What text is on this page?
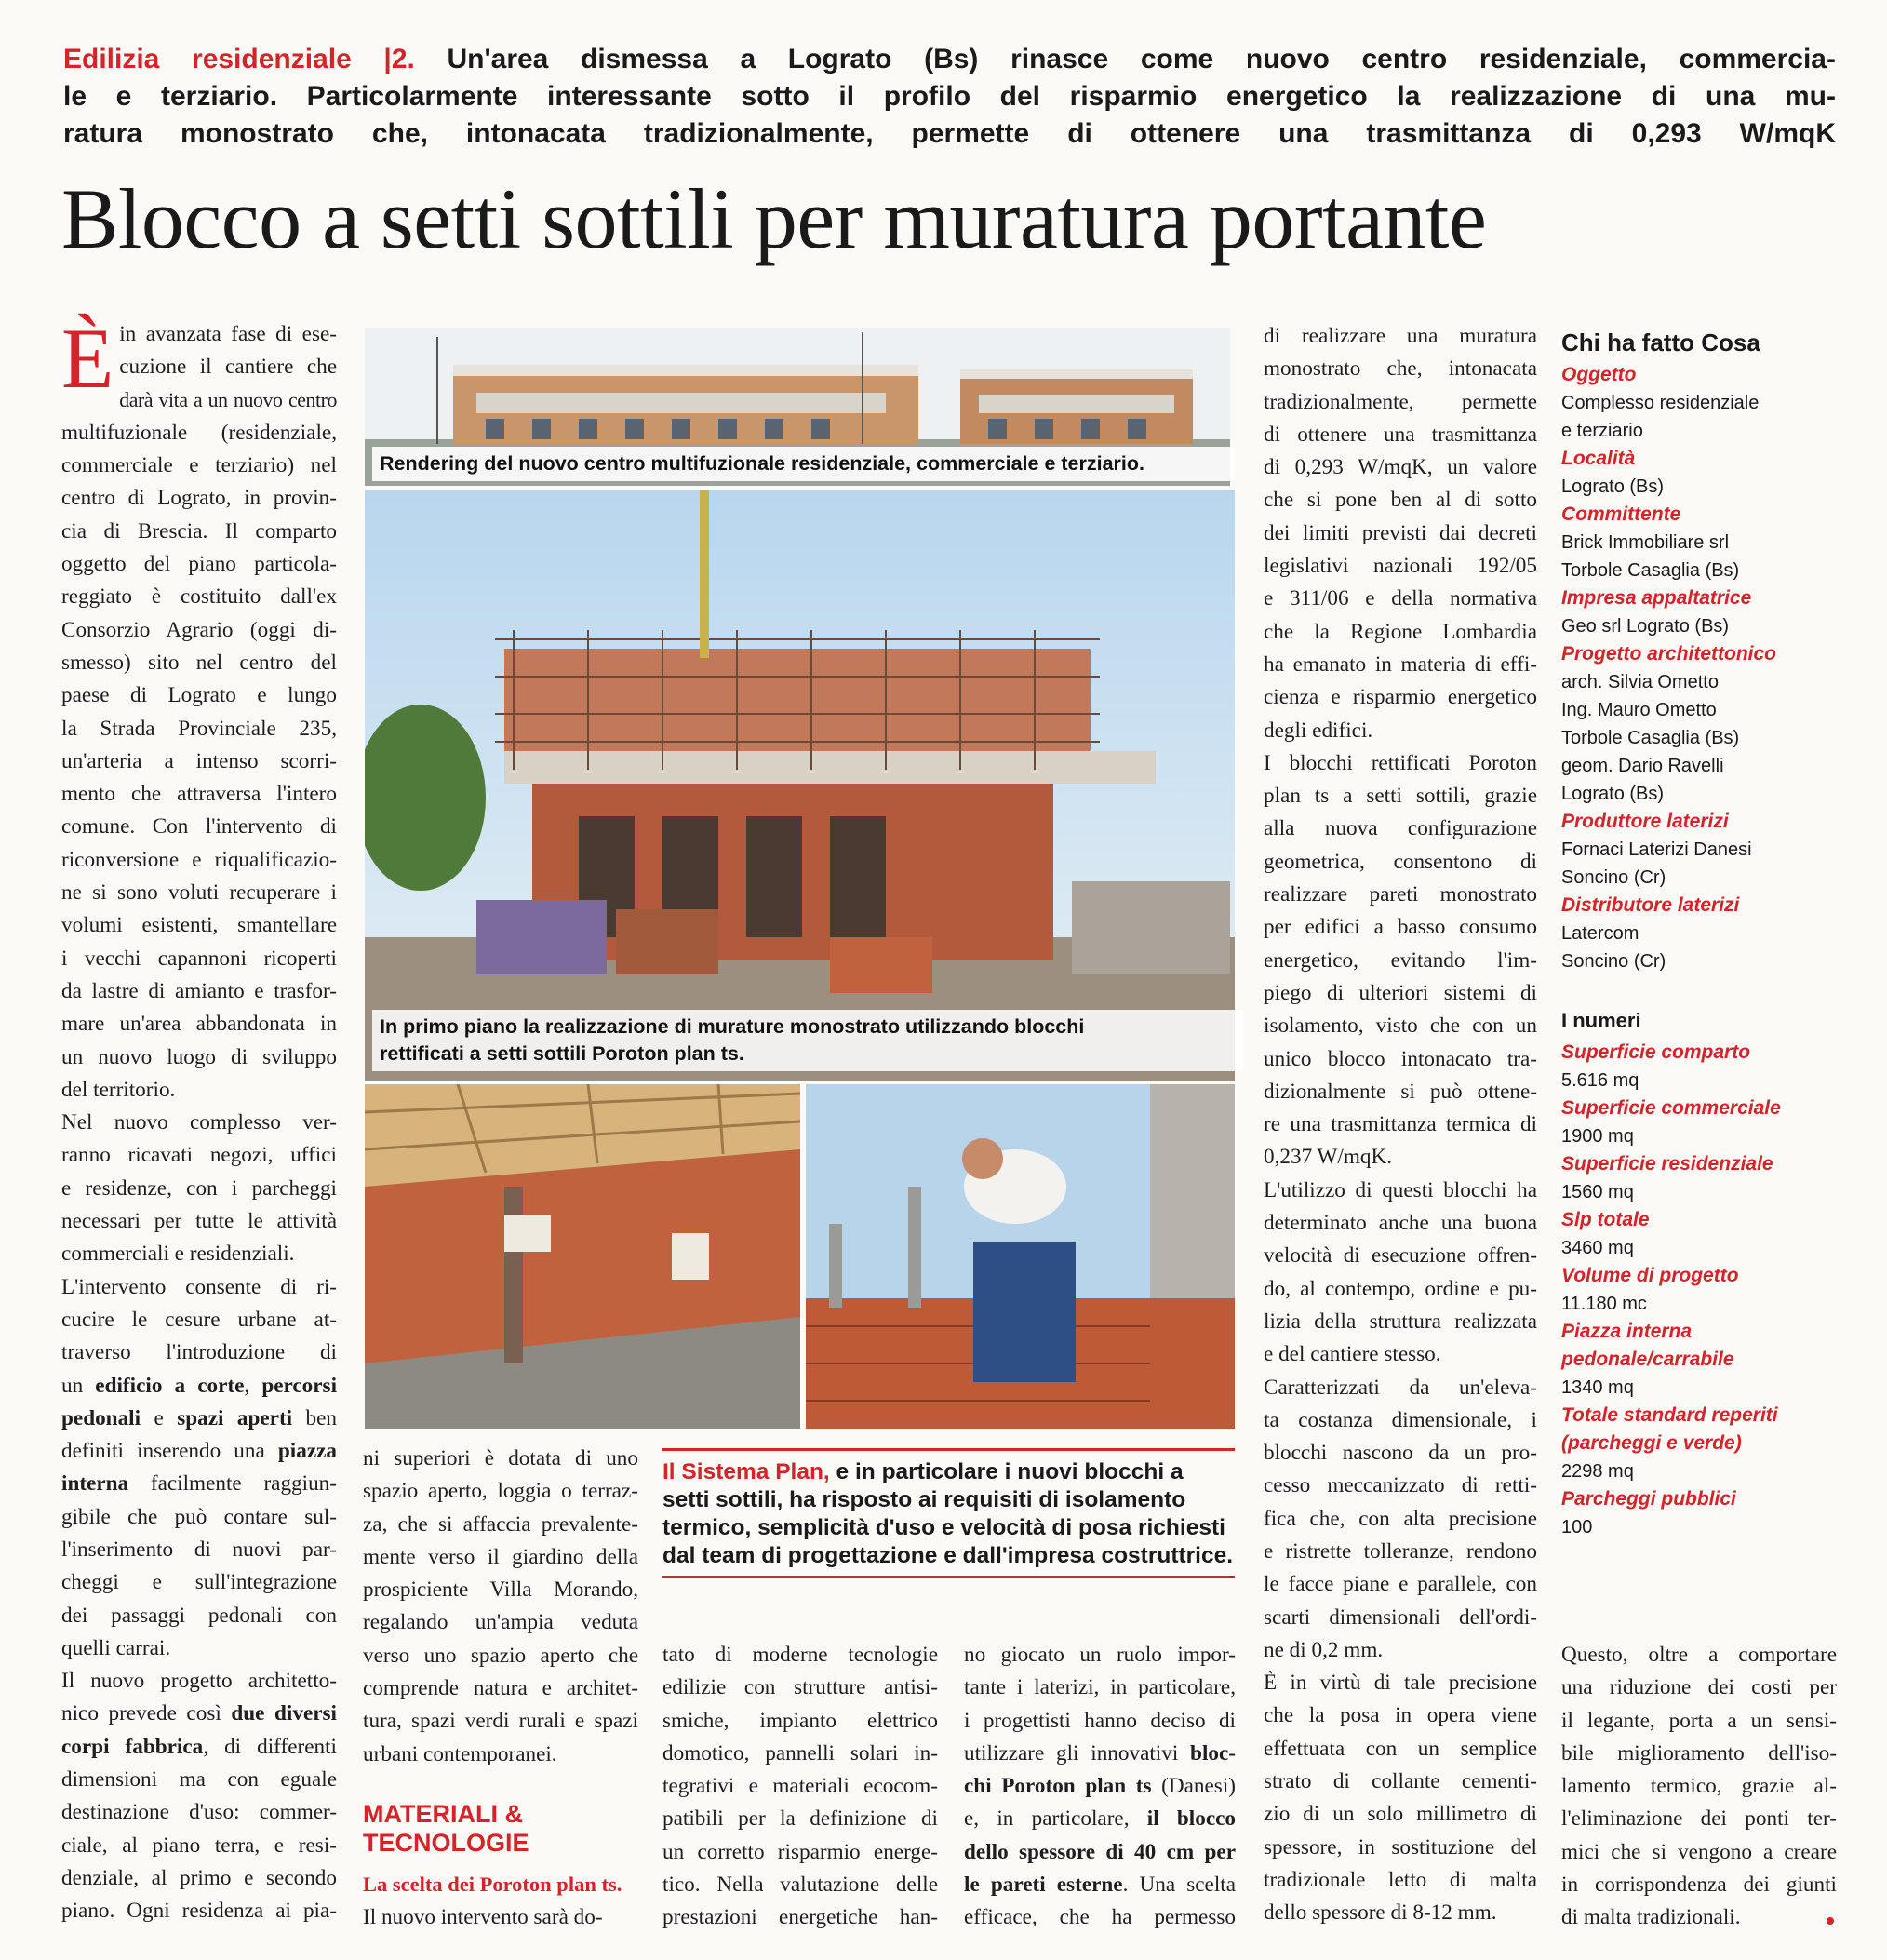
Edilizia residenziale |2. Un'area dismessa a Lograto (Bs) rinasce come nuovo centro residenziale, commercia-

le e terziario. Particolarmente interessante sotto il profilo del risparmio energetico la realizzazione di una mu-

ratura monostrato che, intonacata tradizionalmente, permette di ottenere una trasmittanza di 0,293 W/mqK

Blocco a setti sottili per muratura portante
È in avanzata fase di ese-
cuzione il cantiere che
darà vita a un nuovo centro
multifuzionale (residenziale,
commerciale e terziario) nel
centro di Lograto, in provin-
cia di Brescia. Il comparto
oggetto del piano particola-
reggiato è costituito dall'ex
Consorzio Agrario (oggi di-
smesso) sito nel centro del
paese di Lograto e lungo
la Strada Provinciale 235,
un'arteria a intenso scorri-
mento che attraversa l'intero
comune. Con l'intervento di
riconversione e riqualificazio-
ne si sono voluti recuperare i
volumi esistenti, smantellare
i vecchi capannoni ricoperti
da lastre di amianto e trasfor-
mare un'area abbandonata in
un nuovo luogo di sviluppo
del territorio.
Nel nuovo complesso ver-
ranno ricavati negozi, uffici
e residenze, con i parcheggi
necessari per tutte le attività
commerciali e residenziali.
L'intervento consente di ri-
cucire le cesure urbane at-
traverso l'introduzione di
un edificio a corte, percorsi
pedonali e spazi aperti ben
definiti inserendo una piazza
interna facilmente raggiun-
gibile che può contare sul-
l'inserimento di nuovi par-
cheggi e sull'integrazione
dei passaggi pedonali con
quelli carrai.
Il nuovo progetto architetto-
nico prevede così due diversi
corpi fabbrica, di differenti
dimensioni ma con eguale
destinazione d'uso: commer-
ciale, al piano terra, e resi-
denziale, al primo e secondo
piano. Ogni residenza ai pia-
Rendering del nuovo centro multifuzionale residenziale, commerciale e terziario.
In primo piano la realizzazione di murature monostrato utilizzando blocchi
rettificati a setti sottili Poroton plan ts.
ni superiori è dotata di uno
spazio aperto, loggia o terraz-
za, che si affaccia prevalente-
mente verso il giardino della
prospiciente Villa Morando,
regalando un'ampia veduta
verso uno spazio aperto che
comprende natura e architet-
tura, spazi verdi rurali e spazi
urbani contemporanei.
MATERIALI &
TECNOLOGIE
La scelta dei Poroton plan ts.
Il nuovo intervento sarà do-
Il Sistema Plan, e in particolare i nuovi blocchi a setti sottili, ha risposto ai requisiti di isolamento termico, semplicità d'uso e velocità di posa richiesti dal team di progettazione e dall'impresa costruttrice.
tato di moderne tecnologie
edilizie con strutture antisi-
smiche, impianto elettrico
domotico, pannelli solari in-
tegrativi e materiali ecocom-
patibili per la definizione di
un corretto risparmio energe-
tico. Nella valutazione delle
prestazioni energetiche han-
no giocato un ruolo impor-
tante i laterizi, in particolare,
i progettisti hanno deciso di
utilizzare gli innovativi bloc-
chi Poroton plan ts (Danesi)
e, in particolare, il blocco
dello spessore di 40 cm per
le pareti esterne. Una scelta
efficace, che ha permesso
di realizzare una muratura
monostrato che, intonacata
tradizionalmente, permette
di ottenere una trasmittanza
di 0,293 W/mqK, un valore
che si pone ben al di sotto
dei limiti previsti dai decreti
legislativi nazionali 192/05
e 311/06 e della normativa
che la Regione Lombardia
ha emanato in materia di effi-
cienza e risparmio energetico
degli edifici.
I blocchi rettificati Poroton
plan ts a setti sottili, grazie
alla nuova configurazione
geometrica, consentono di
realizzare pareti monostrato
per edifici a basso consumo
energetico, evitando l'im-
piego di ulteriori sistemi di
isolamento, visto che con un
unico blocco intonacato tra-
dizionalmente si può ottene-
re una trasmittanza termica di
0,237 W/mqK.
L'utilizzo di questi blocchi ha
determinato anche una buona
velocità di esecuzione offren-
do, al contempo, ordine e pu-
lizia della struttura realizzata
e del cantiere stesso.
Caratterizzati da un'eleva-
ta costanza dimensionale, i
blocchi nascono da un pro-
cesso meccanizzato di retti-
fica che, con alta precisione
e ristrette tolleranze, rendono
le facce piane e parallele, con
scarti dimensionali dell'ordi-
ne di 0,2 mm.
È in virtù di tale precisione
che la posa in opera viene
effettuata con un semplice
strato di collante cementi-
zio di un solo millimetro di
spessore, in sostituzione del
tradizionale letto di malta
dello spessore di 8-12 mm.
Chi ha fatto Cosa
Oggetto
Complesso residenziale
e terziario
Località
Lograto (Bs)
Committente
Brick Immobiliare srl
Torbole Casaglia (Bs)
Impresa appaltatrice
Geo srl Lograto (Bs)
Progetto architettonico
arch. Silvia Ometto
Ing. Mauro Ometto
Torbole Casaglia (Bs)
geom. Dario Ravelli
Lograto (Bs)
Produttore laterizi
Fornaci Laterizi Danesi
Soncino (Cr)
Distributore laterizi
Latercom
Soncino (Cr)
I numeri
Superficie comparto
5.616 mq
Superficie commerciale
1900 mq
Superficie residenziale
1560 mq
Slp totale
3460 mq
Volume di progetto
11.180 mc
Piazza interna
pedonale/carrabile
1340 mq
Totale standard reperiti
(parcheggi e verde)
2298 mq
Parcheggi pubblici
100
Questo, oltre a comportare
una riduzione dei costi per
il legante, porta a un sensi-
bile miglioramento dell'iso-
lamento termico, grazie al-
l'eliminazione dei ponti ter-
mici che si vengono a creare
in corrispondenza dei giunti
di malta tradizionali.
